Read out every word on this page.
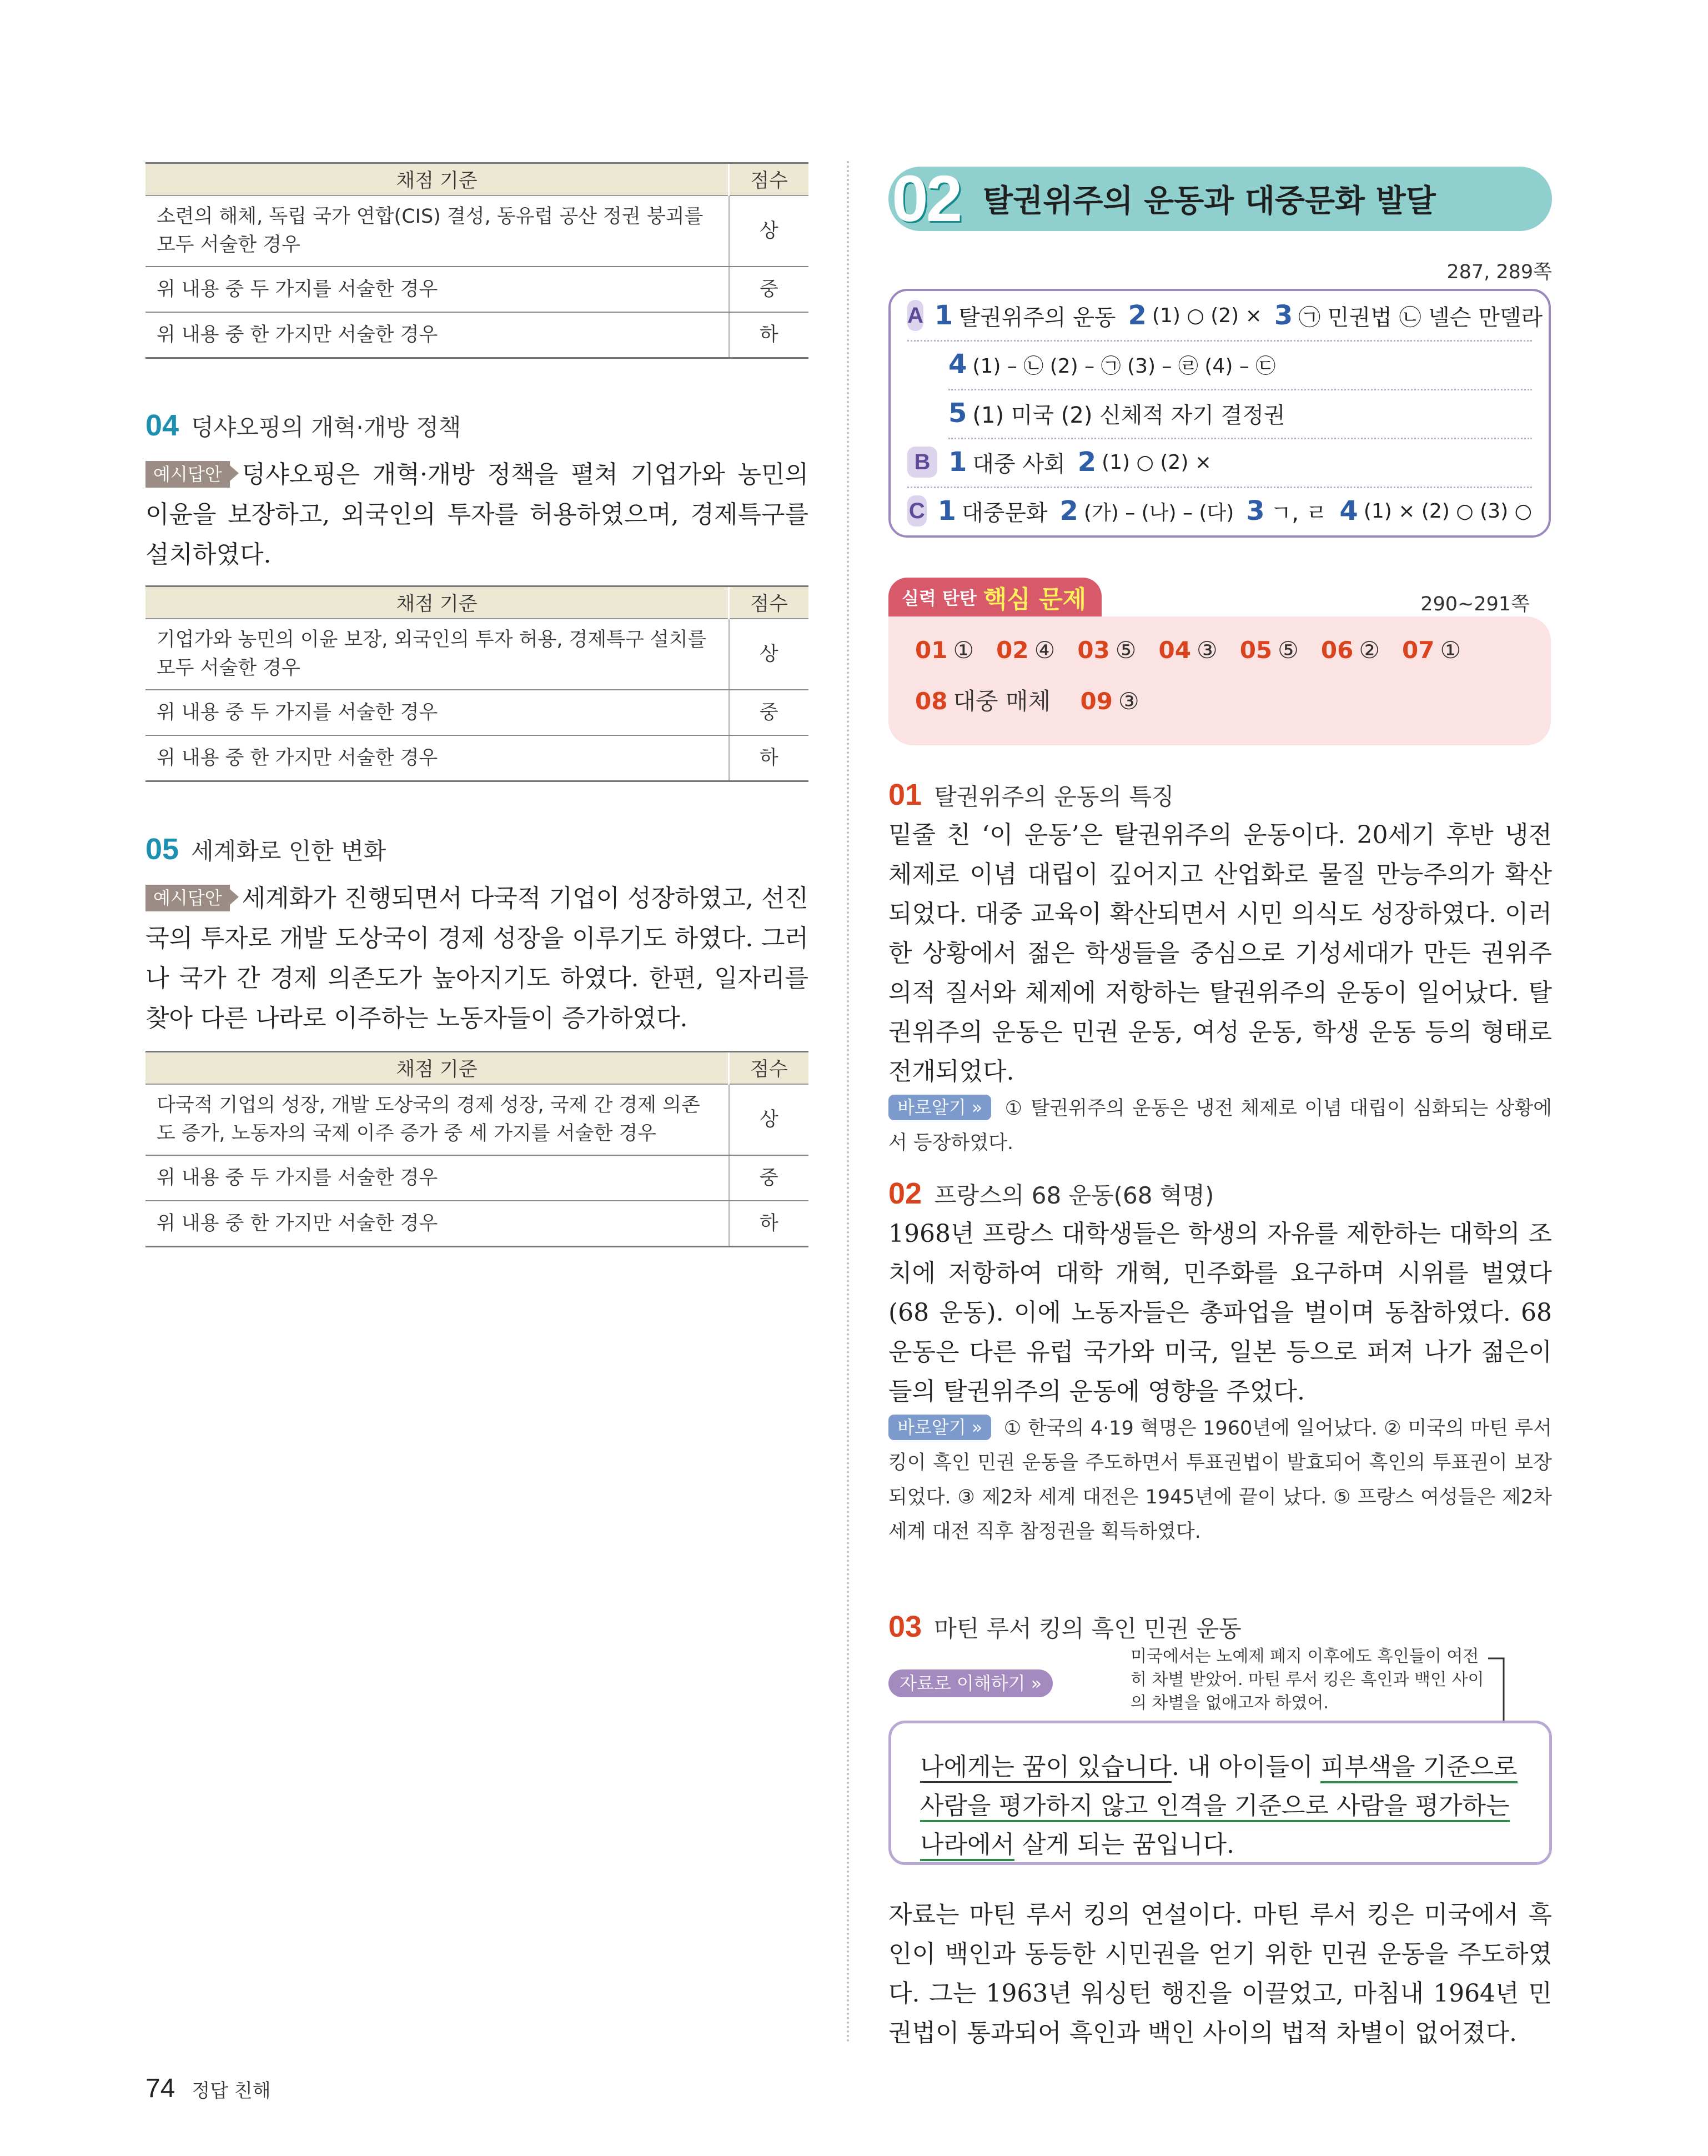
채점 기준	점수
소련의 해체, 독립 국가 연합(CIS) 결성, 동유럽 공산 정권 붕괴를 모두 서술한 경우	상
위 내용 중 두 가지를 서술한 경우	중
위 내용 중 한 가지만 서술한 경우	하
04 덩샤오핑의 개혁·개방 정책
예시답안 덩샤오핑은 개혁·개방 정책을 펼쳐 기업가와 농민의 이윤을 보장하고, 외국인의 투자를 허용하였으며, 경제특구를 설치하였다.
채점 기준	점수
기업가와 농민의 이윤 보장, 외국인의 투자 허용, 경제특구 설치를 모두 서술한 경우	상
위 내용 중 두 가지를 서술한 경우	중
위 내용 중 한 가지만 서술한 경우	하
05 세계화로 인한 변화
예시답안 세계화가 진행되면서 다국적 기업이 성장하였고, 선진국의 투자로 개발 도상국이 경제 성장을 이루기도 하였다. 그러나 국가 간 경제 의존도가 높아지기도 하였다. 한편, 일자리를 찾아 다른 나라로 이주하는 노동자들이 증가하였다.
채점 기준	점수
다국적 기업의 성장, 개발 도상국의 경제 성장, 국제 간 경제 의존도 증가, 노동자의 국제 이주 증가 중 세 가지를 서술한 경우	상
위 내용 중 두 가지를 서술한 경우	중
위 내용 중 한 가지만 서술한 경우	하
02 탈권위주의 운동과 대중문화 발달
287, 289쪽
A 1 탈권위주의 운동 2 (1) ○ (2) × 3 ㉠ 민권법 ㉡ 넬슨 만델라
4 (1) – ㉡ (2) – ㉠ (3) – ㉣ (4) – ㉢
5 (1) 미국 (2) 신체적 자기 결정권
B 1 대중 사회 2 (1) ○ (2) ×
C 1 대중문화 2 (가) – (나) – (다) 3 ㄱ, ㄹ 4 (1) × (2) ○ (3) ○
실력 탄탄 핵심 문제	290~291쪽
01 ① 02 ④ 03 ⑤ 04 ③ 05 ⑤ 06 ② 07 ①
08 대중 매체 09 ③
01 탈권위주의 운동의 특징
밑줄 친 ‘이 운동’은 탈권위주의 운동이다. 20세기 후반 냉전 체제로 이념 대립이 깊어지고 산업화로 물질 만능주의가 확산되었다. 대중 교육이 확산되면서 시민 의식도 성장하였다. 이러한 상황에서 젊은 학생들을 중심으로 기성세대가 만든 권위주의적 질서와 체제에 저항하는 탈권위주의 운동이 일어났다. 탈권위주의 운동은 민권 운동, 여성 운동, 학생 운동 등의 형태로 전개되었다.
바로알기 » ① 탈권위주의 운동은 냉전 체제로 이념 대립이 심화되는 상황에서 등장하였다.
02 프랑스의 68 운동(68 혁명)
1968년 프랑스 대학생들은 학생의 자유를 제한하는 대학의 조치에 저항하여 대학 개혁, 민주화를 요구하며 시위를 벌였다(68 운동). 이에 노동자들은 총파업을 벌이며 동참하였다. 68 운동은 다른 유럽 국가와 미국, 일본 등으로 퍼져 나가 젊은이들의 탈권위주의 운동에 영향을 주었다.
바로알기 » ① 한국의 4·19 혁명은 1960년에 일어났다. ② 미국의 마틴 루서 킹이 흑인 민권 운동을 주도하면서 투표권법이 발효되어 흑인의 투표권이 보장되었다. ③ 제2차 세계 대전은 1945년에 끝이 났다. ⑤ 프랑스 여성들은 제2차 세계 대전 직후 참정권을 획득하였다.
03 마틴 루서 킹의 흑인 민권 운동
자료로 이해하기 »
미국에서는 노예제 폐지 이후에도 흑인들이 여전히 차별 받았어. 마틴 루서 킹은 흑인과 백인 사이의 차별을 없애고자 하였어.
나에게는 꿈이 있습니다. 내 아이들이 피부색을 기준으로 사람을 평가하지 않고 인격을 기준으로 사람을 평가하는 나라에서 살게 되는 꿈입니다.
자료는 마틴 루서 킹의 연설이다. 마틴 루서 킹은 미국에서 흑인이 백인과 동등한 시민권을 얻기 위한 민권 운동을 주도하였다. 그는 1963년 워싱턴 행진을 이끌었고, 마침내 1964년 민권법이 통과되어 흑인과 백인 사이의 법적 차별이 없어졌다.
74 정답 친해
